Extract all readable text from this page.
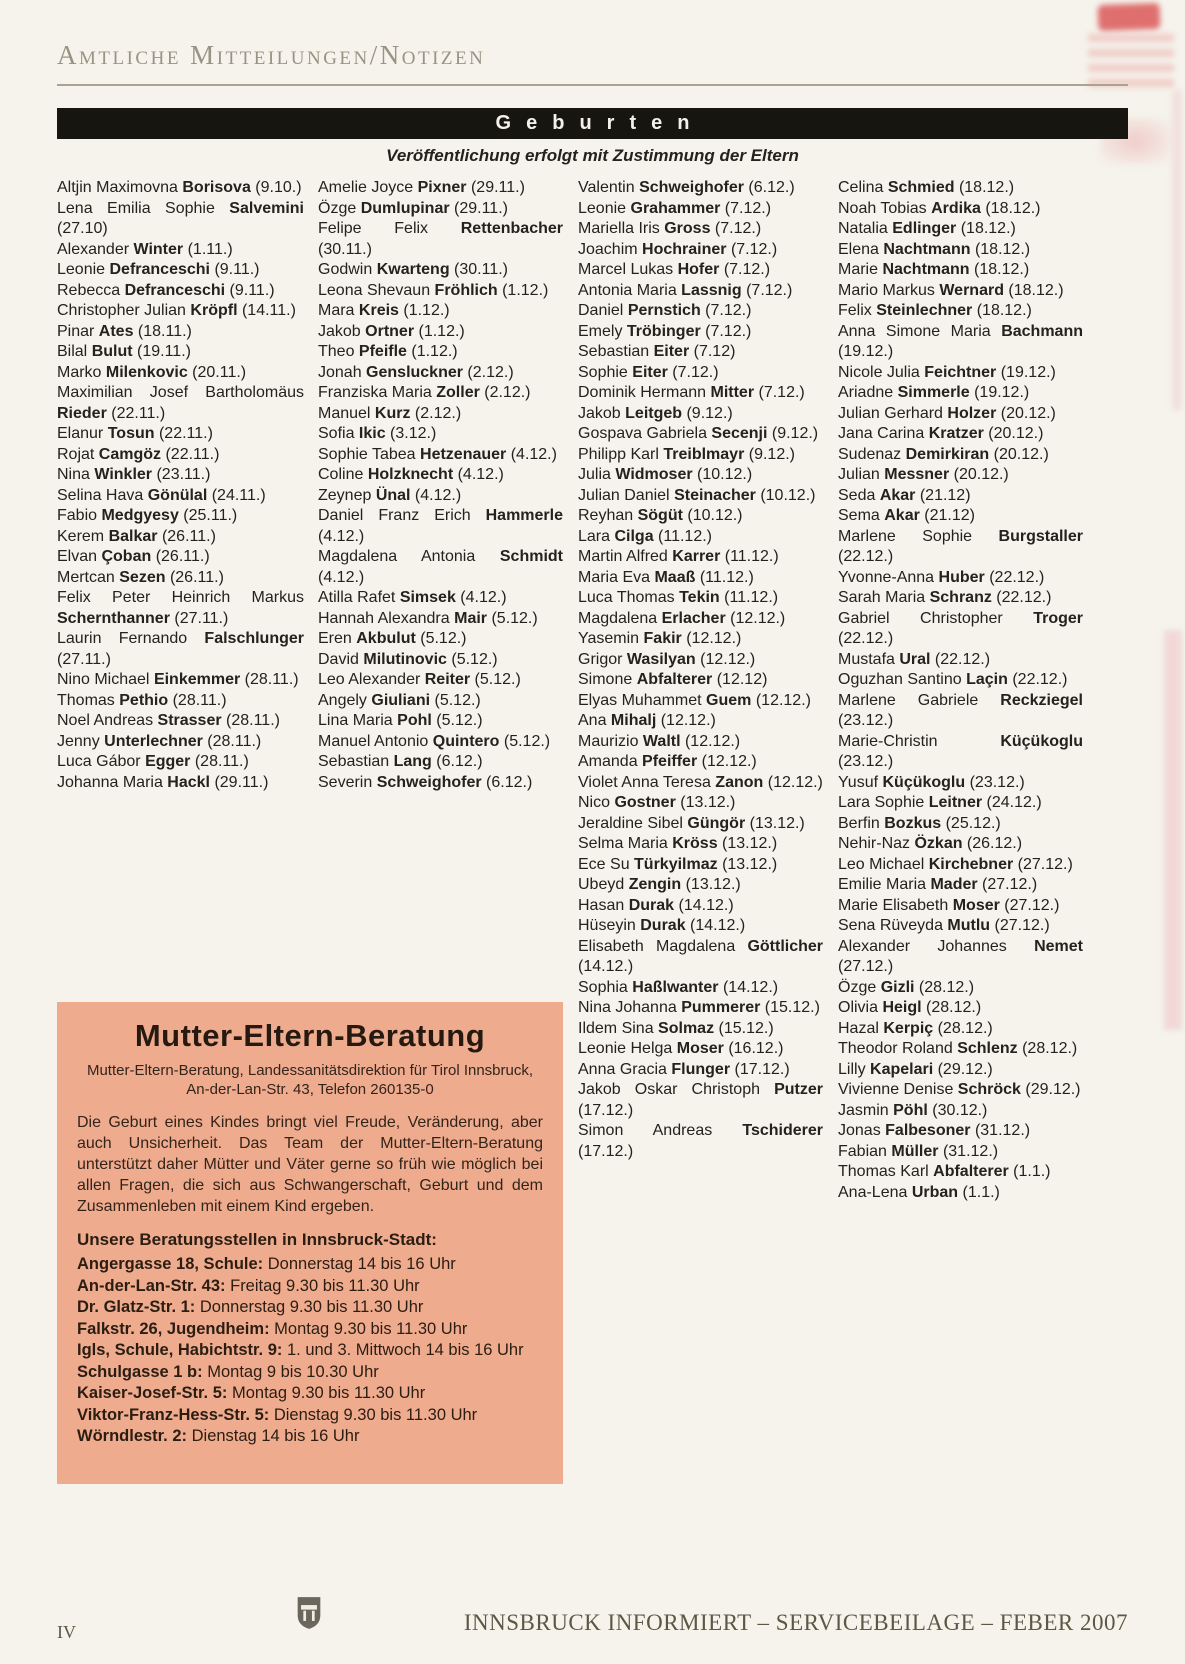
Amtliche Mitteilungen/Notizen
Geburten
Veröffentlichung erfolgt mit Zustimmung der Eltern

Altjin Maximovna Borisova (9.10.)

Lena Emilia Sophie Salvemini (27.10)

Alexander Winter (1.11.)

Leonie Defranceschi (9.11.)

Rebecca Defranceschi (9.11.)

Christopher Julian Kröpfl (14.11.)

Pinar Ates (18.11.)

Bilal Bulut (19.11.)

Marko Milenkovic (20.11.)

Maximilian Josef Bartholomäus Rieder (22.11.)

Elanur Tosun (22.11.)

Rojat Camgöz (22.11.)

Nina Winkler (23.11.)

Selina Hava Gönülal (24.11.)

Fabio Medgyesy (25.11.)

Kerem Balkar (26.11.)

Elvan Çoban (26.11.)

Mertcan Sezen (26.11.)

Felix Peter Heinrich Markus Schernthanner (27.11.)

Laurin Fernando Falschlunger (27.11.)

Nino Michael Einkemmer (28.11.)

Thomas Pethio (28.11.)

Noel Andreas Strasser (28.11.)

Jenny Unterlechner (28.11.)

Luca Gábor Egger (28.11.)

Johanna Maria Hackl (29.11.)

Amelie Joyce Pixner (29.11.)

Özge Dumlupinar (29.11.)

Felipe Felix Rettenbacher (30.11.)

Godwin Kwarteng (30.11.)

Leona Shevaun Fröhlich (1.12.)

Mara Kreis (1.12.)

Jakob Ortner (1.12.)

Theo Pfeifle (1.12.)

Jonah Gensluckner (2.12.)

Franziska Maria Zoller (2.12.)

Manuel Kurz (2.12.)

Sofia Ikic (3.12.)

Sophie Tabea Hetzenauer (4.12.)

Coline Holzknecht (4.12.)

Zeynep Ünal (4.12.)

Daniel Franz Erich Hammerle (4.12.)

Magdalena Antonia Schmidt (4.12.)

Atilla Rafet Simsek (4.12.)

Hannah Alexandra Mair (5.12.)

Eren Akbulut (5.12.)

David Milutinovic (5.12.)

Leo Alexander Reiter (5.12.)

Angely Giuliani (5.12.)

Lina Maria Pohl (5.12.)

Manuel Antonio Quintero (5.12.)

Sebastian Lang (6.12.)

Severin Schweighofer (6.12.)

Valentin Schweighofer (6.12.)

Leonie Grahammer (7.12.)

Mariella Iris Gross (7.12.)

Joachim Hochrainer (7.12.)

Marcel Lukas Hofer (7.12.)

Antonia Maria Lassnig (7.12.)

Daniel Pernstich (7.12.)

Emely Tröbinger (7.12.)

Sebastian Eiter (7.12)

Sophie Eiter (7.12.)

Dominik Hermann Mitter (7.12.)

Jakob Leitgeb (9.12.)

Gospava Gabriela Secenji (9.12.)

Philipp Karl Treiblmayr (9.12.)

Julia Widmoser (10.12.)

Julian Daniel Steinacher (10.12.)

Reyhan Sögüt (10.12.)

Lara Cilga (11.12.)

Martin Alfred Karrer (11.12.)

Maria Eva Maaß (11.12.)

Luca Thomas Tekin (11.12.)

Magdalena Erlacher (12.12.)

Yasemin Fakir (12.12.)

Grigor Wasilyan (12.12.)

Simone Abfalterer (12.12)

Elyas Muhammet Guem (12.12.)

Ana Mihalj (12.12.)

Maurizio Waltl (12.12.)

Amanda Pfeiffer (12.12.)

Violet Anna Teresa Zanon (12.12.)

Nico Gostner (13.12.)

Jeraldine Sibel Güngör (13.12.)

Selma Maria Kröss (13.12.)

Ece Su Türkyilmaz (13.12.)

Ubeyd Zengin (13.12.)

Hasan Durak (14.12.)

Hüseyin Durak (14.12.)

Elisabeth Magdalena Göttlicher (14.12.)

Sophia Haßlwanter (14.12.)

Nina Johanna Pummerer (15.12.)

Ildem Sina Solmaz (15.12.)

Leonie Helga Moser (16.12.)

Anna Gracia Flunger (17.12.)

Jakob Oskar Christoph Putzer (17.12.)

Simon Andreas Tschiderer (17.12.)

Celina Schmied (18.12.)

Noah Tobias Ardika (18.12.)

Natalia Edlinger (18.12.)

Elena Nachtmann (18.12.)

Marie Nachtmann (18.12.)

Mario Markus Wernard (18.12.)

Felix Steinlechner (18.12.)

Anna Simone Maria Bachmann (19.12.)

Nicole Julia Feichtner (19.12.)

Ariadne Simmerle (19.12.)

Julian Gerhard Holzer (20.12.)

Jana Carina Kratzer (20.12.)

Sudenaz Demirkiran (20.12.)

Julian Messner (20.12.)

Seda Akar (21.12)

Sema Akar (21.12)

Marlene Sophie Burgstaller (22.12.)

Yvonne-Anna Huber (22.12.)

Sarah Maria Schranz (22.12.)

Gabriel Christopher Troger (22.12.)

Mustafa Ural (22.12.)

Oguzhan Santino Laçin (22.12.)

Marlene Gabriele Reckziegel (23.12.)

Marie-Christin Küçükoglu (23.12.)

Yusuf Küçükoglu (23.12.)

Lara Sophie Leitner (24.12.)

Berfin Bozkus (25.12.)

Nehir-Naz Özkan (26.12.)

Leo Michael Kirchebner (27.12.)

Emilie Maria Mader (27.12.)

Marie Elisabeth Moser (27.12.)

Sena Rüveyda Mutlu (27.12.)

Alexander Johannes Nemet (27.12.)

Özge Gizli (28.12.)

Olivia Heigl (28.12.)

Hazal Kerpiç (28.12.)

Theodor Roland Schlenz (28.12.)

Lilly Kapelari (29.12.)

Vivienne Denise Schröck (29.12.)

Jasmin Pöhl (30.12.)

Jonas Falbesoner (31.12.)

Fabian Müller (31.12.)

Thomas Karl Abfalterer (1.1.)

Ana-Lena Urban (1.1.)

Mutter-Eltern-Beratung
Mutter-Eltern-Beratung, Landessanitätsdirektion für Tirol Innsbruck, An-der-Lan-Str. 43, Telefon 260135-0

Die Geburt eines Kindes bringt viel Freude, Veränderung, aber auch Unsicherheit. Das Team der Mutter-Eltern-Beratung unterstützt daher Mütter und Väter gerne so früh wie möglich bei allen Fragen, die sich aus Schwangerschaft, Geburt und dem Zusammenleben mit einem Kind ergeben.

Unsere Beratungsstellen in Innsbruck-Stadt:

Angergasse 18, Schule: Donnerstag 14 bis 16 Uhr

An-der-Lan-Str. 43: Freitag 9.30 bis 11.30 Uhr

Dr. Glatz-Str. 1: Donnerstag 9.30 bis 11.30 Uhr

Falkstr. 26, Jugendheim: Montag 9.30 bis 11.30 Uhr

Igls, Schule, Habichtstr. 9: 1. und 3. Mittwoch 14 bis 16 Uhr

Schulgasse 1 b: Montag 9 bis 10.30 Uhr

Kaiser-Josef-Str. 5: Montag 9.30 bis 11.30 Uhr

Viktor-Franz-Hess-Str. 5: Dienstag 9.30 bis 11.30 Uhr

Wörndlestr. 2: Dienstag 14 bis 16 Uhr

IV	INNSBRUCK INFORMIERT – SERVICEBEILAGE – FEBER 2007
